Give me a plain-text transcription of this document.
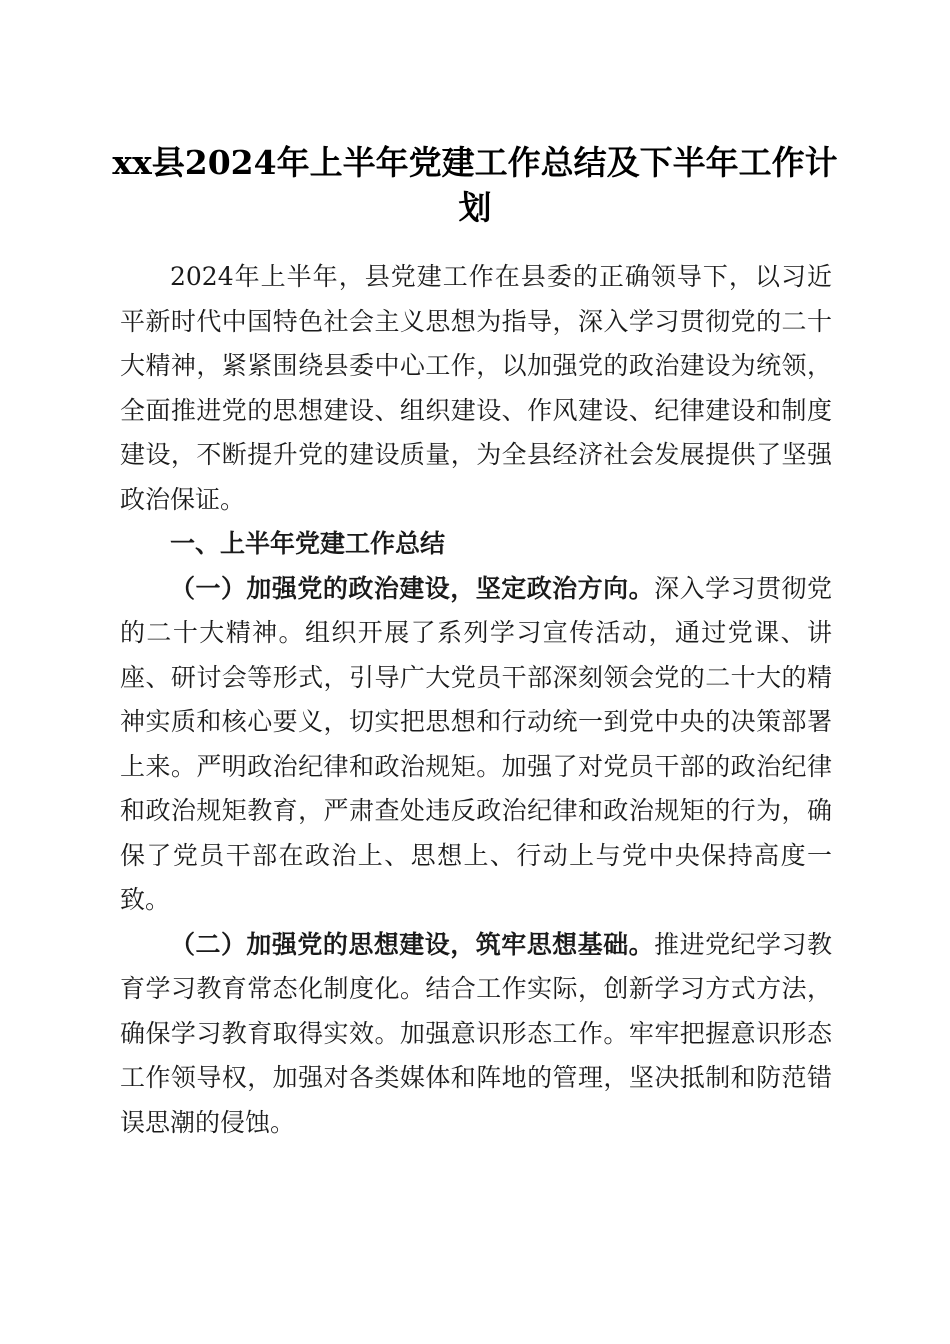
xx县2024年上半年党建工作总结及下半年工作计划

2024年上半年，县党建工作在县委的正确领导下，以习近平新时代中国特色社会主义思想为指导，深入学习贯彻党的二十大精神，紧紧围绕县委中心工作，以加强党的政治建设为统领，全面推进党的思想建设、组织建设、作风建设、纪律建设和制度建设，不断提升党的建设质量，为全县经济社会发展提供了坚强政治保证。

一、上半年党建工作总结

（一）加强党的政治建设，坚定政治方向。深入学习贯彻党的二十大精神。组织开展了系列学习宣传活动，通过党课、讲座、研讨会等形式，引导广大党员干部深刻领会党的二十大的精神实质和核心要义，切实把思想和行动统一到党中央的决策部署上来。严明政治纪律和政治规矩。加强了对党员干部的政治纪律和政治规矩教育，严肃查处违反政治纪律和政治规矩的行为，确保了党员干部在政治上、思想上、行动上与党中央保持高度一致。

（二）加强党的思想建设，筑牢思想基础。推进党纪学习教育学习教育常态化制度化。结合工作实际，创新学习方式方法，确保学习教育取得实效。加强意识形态工作。牢牢把握意识形态工作领导权，加强对各类媒体和阵地的管理，坚决抵制和防范错误思潮的侵蚀。
